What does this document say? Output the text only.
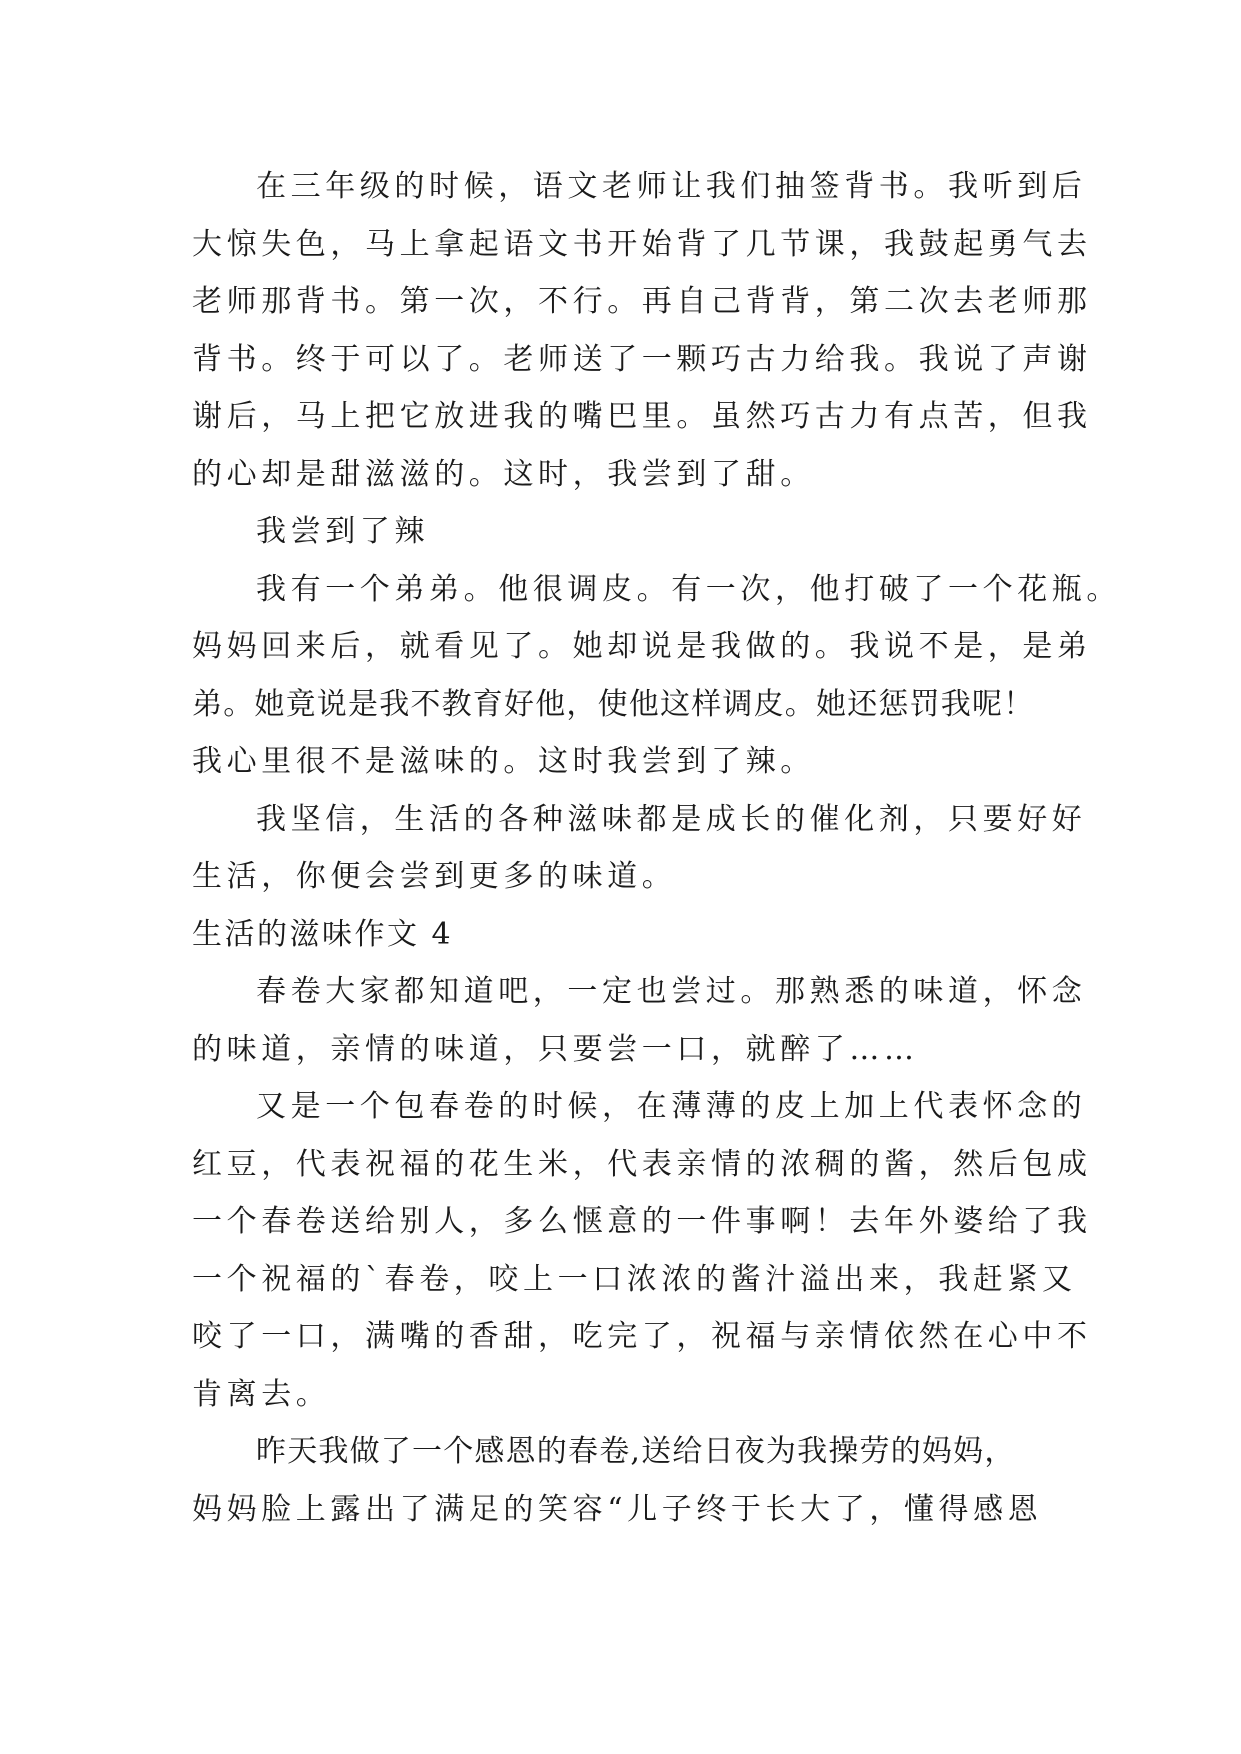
在三年级的时候，语文老师让我们抽签背书。我听到后
大惊失色，马上拿起语文书开始背了几节课，我鼓起勇气去
老师那背书。第一次，不行。再自己背背，第二次去老师那
背书。终于可以了。老师送了一颗巧古力给我。我说了声谢
谢后，马上把它放进我的嘴巴里。虽然巧古力有点苦，但我
的心却是甜滋滋的。这时，我尝到了甜。
我尝到了辣
我有一个弟弟。他很调皮。有一次，他打破了一个花瓶。
妈妈回来后，就看见了。她却说是我做的。我说不是，是弟
弟。她竟说是我不教育好他，使他这样调皮。她还惩罚我呢！
我心里很不是滋味的。这时我尝到了辣。
我坚信，生活的各种滋味都是成长的催化剂，只要好好
生活，你便会尝到更多的味道。
生活的滋味作文 4
春卷大家都知道吧，一定也尝过。那熟悉的味道，怀念
的味道，亲情的味道，只要尝一口，就醉了……
又是一个包春卷的时候，在薄薄的皮上加上代表怀念的
红豆，代表祝福的花生米，代表亲情的浓稠的酱，然后包成
一个春卷送给别人，多么惬意的一件事啊！去年外婆给了我
一个祝福的`春卷，咬上一口浓浓的酱汁溢出来，我赶紧又
咬了一口，满嘴的香甜，吃完了，祝福与亲情依然在心中不
肯离去。
昨天我做了一个感恩的春卷,送给日夜为我操劳的妈妈，
妈妈脸上露出了满足的笑容“儿子终于长大了，懂得感恩
